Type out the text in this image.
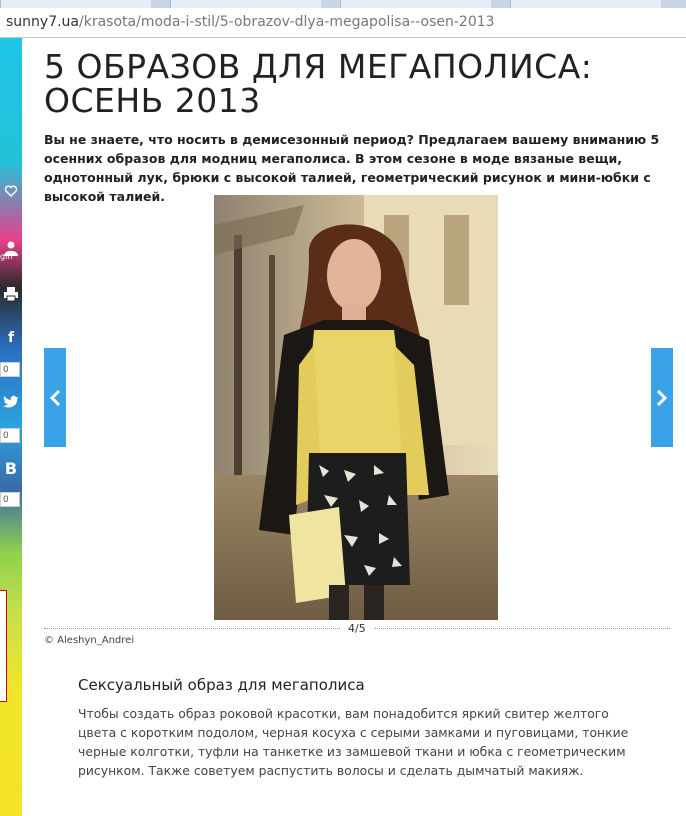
sunny7.ua/krasota/moda-i-stil/5-obrazov-dlya-megapolisa--osen-2013
gin
f
0
0
В
0
5 ОБРАЗОВ ДЛЯ МЕГАПОЛИСА: ОСЕНЬ 2013

Вы не знаете, что носить в демисезонный период? Предлагаем вашему вниманию 5 осенних образов для модниц мегаполиса. В этом сезоне в моде вязаные вещи, однотонный лук, брюки с высокой талией, геометрический рисунок и мини-юбки с высокой талией.

4/5
© Aleshyn_Andrei
Сексуальный образ для мегаполиса

Чтобы создать образ роковой красотки, вам понадобится яркий свитер желтого цвета с коротким подолом, черная косуха с серыми замками и пуговицами, тонкие черные колготки, туфли на танкетке из замшевой ткани и юбка с геометрическим рисунком. Также советуем распустить волосы и сделать дымчатый макияж.
